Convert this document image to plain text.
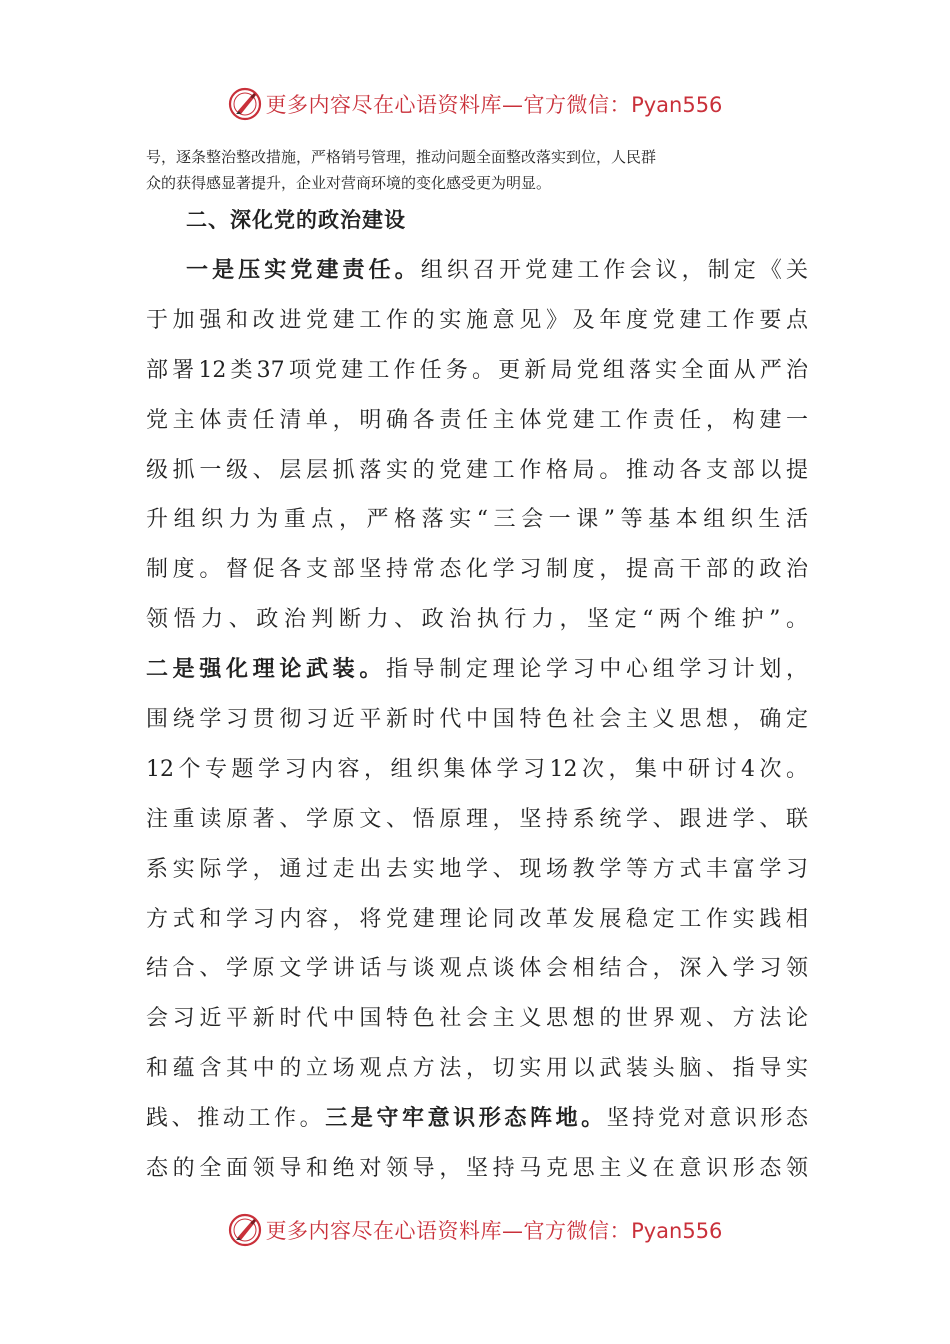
更多内容尽在心语资料库—官方微信：Pyan556

号，逐条整治整改措施，严格销号管理，推动问题全面整改落实到位，人民群
众的获得感显著提升，企业对营商环境的变化感受更为明显。

二、深化党的政治建设
一是压实党建责任。组织召开党建工作会议，制定《关
于加强和改进党建工作的实施意见》及年度党建工作要点
部署12类37项党建工作任务。更新局党组落实全面从严治
党主体责任清单，明确各责任主体党建工作责任，构建一
级抓一级、层层抓落实的党建工作格局。推动各支部以提
升组织力为重点，严格落实“三会一课”等基本组织生活
制度。督促各支部坚持常态化学习制度，提高干部的政治
领悟力、政治判断力、政治执行力，坚定“两个维护”。
二是强化理论武装。指导制定理论学习中心组学习计划，
围绕学习贯彻习近平新时代中国特色社会主义思想，确定
12个专题学习内容，组织集体学习12次，集中研讨4次。
注重读原著、学原文、悟原理，坚持系统学、跟进学、联
系实际学，通过走出去实地学、现场教学等方式丰富学习
方式和学习内容，将党建理论同改革发展稳定工作实践相
结合、学原文学讲话与谈观点谈体会相结合，深入学习领
会习近平新时代中国特色社会主义思想的世界观、方法论
和蕴含其中的立场观点方法，切实用以武装头脑、指导实
践、推动工作。三是守牢意识形态阵地。坚持党对意识形态
态的全面领导和绝对领导，坚持马克思主义在意识形态领
更多内容尽在心语资料库—官方微信：Pyan556
